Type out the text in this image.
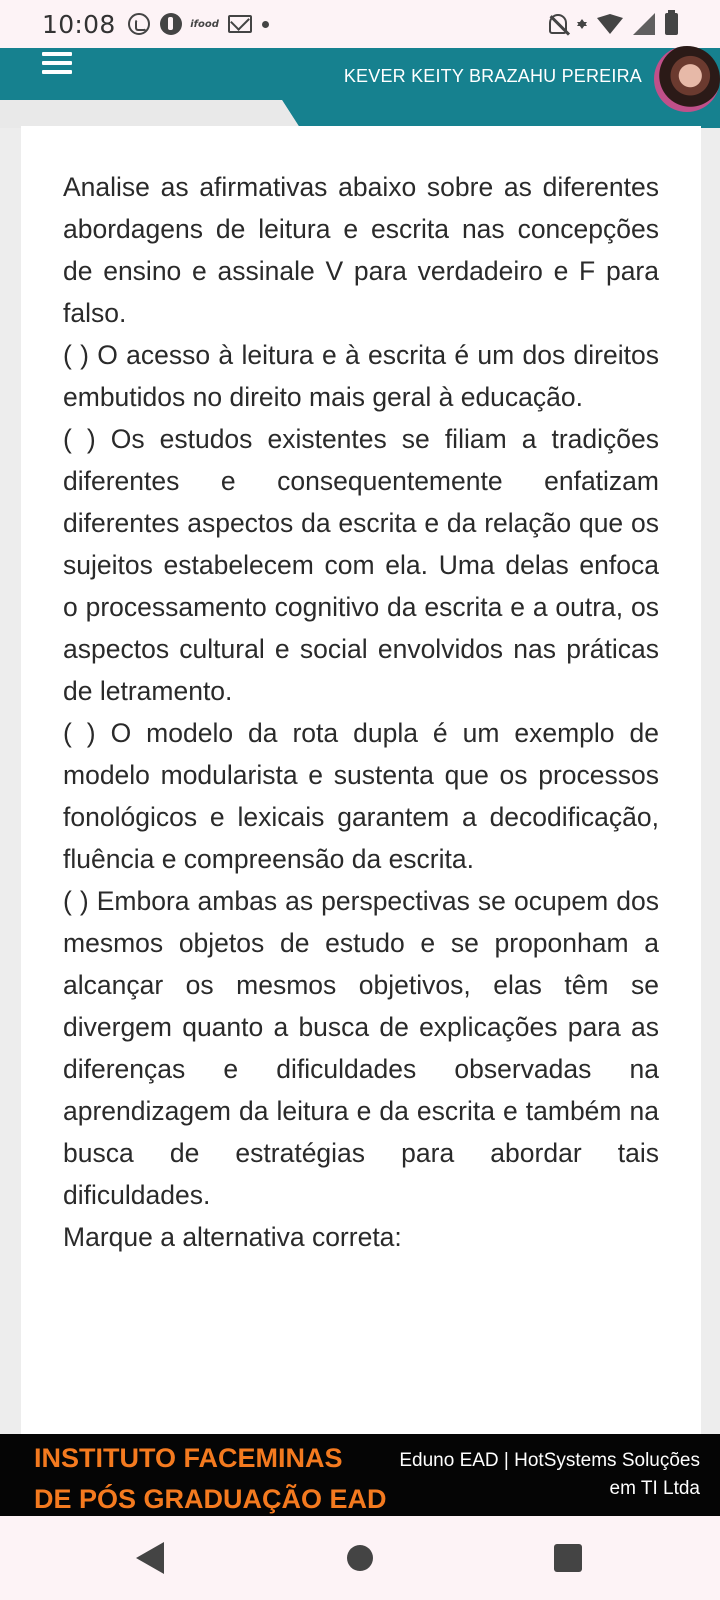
10:08	ifood
KEVER KEITY BRAZAHU PEREIRA

Analise as afirmativas abaixo sobre as diferentes abordagens de leitura e escrita nas concepções de ensino e assinale V para verdadeiro e F para falso.

( ) O acesso à leitura e à escrita é um dos direitos embutidos no direito mais geral à educação.

( ) Os estudos existentes se filiam a tradições diferentes e consequentemente enfatizam diferentes aspectos da escrita e da relação que os sujeitos estabelecem com ela. Uma delas enfoca o processamento cognitivo da escrita e a outra, os aspectos cultural e social envolvidos nas práticas de letramento.

( ) O modelo da rota dupla é um exemplo de modelo modularista e sustenta que os processos fonológicos e lexicais garantem a decodificação, fluência e compreensão da escrita.

( ) Embora ambas as perspectivas se ocupem dos mesmos objetos de estudo e se proponham a alcançar os mesmos objetivos, elas têm se divergem quanto a busca de explicações para as diferenças e dificuldades observadas na aprendizagem da leitura e da escrita e também na busca de estratégias para abordar tais dificuldades.

Marque a alternativa correta:

INSTITUTO FACEMINAS
DE PÓS GRADUAÇÃO EAD
Eduno EAD | HotSystems Soluções em TI Ltda
